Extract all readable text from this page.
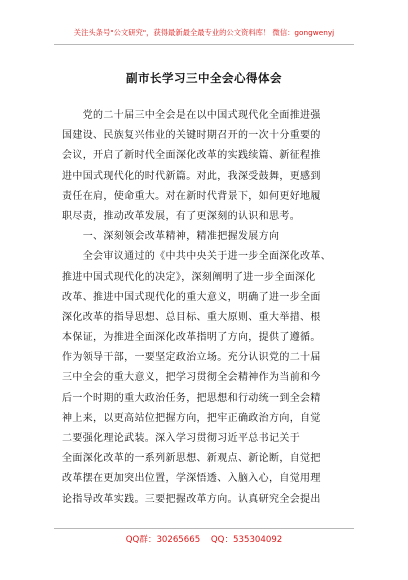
关注头条号"公文研究"，获得最新最全最专业的公文资料库！ 微信：gongwenyj
副市长学习三中全会心得体会
　　党的二十届三中全会是在以中国式现代化全面推进强
国建设、民族复兴伟业的关键时期召开的一次十分重要的
会议，开启了新时代全面深化改革的实践续篇、新征程推
进中国式现代化的时代新篇。对此，我深受鼓舞，更感到
责任在肩，使命重大。对在新时代背景下，如何更好地履
职尽责，推动改革发展，有了更深刻的认识和思考。
　　一、深刻领会改革精神，精准把握发展方向
　　全会审议通过的《中共中央关于进一步全面深化改革、
推进中国式现代化的决定》，深刻阐明了进一步全面深化
改革、推进中国式现代化的重大意义，明确了进一步全面
深化改革的指导思想、总目标、重大原则、重大举措、根
本保证，为推进全面深化改革指明了方向，提供了遵循。
作为领导干部，一要坚定政治立场。充分认识党的二十届
三中全会的重大意义，把学习贯彻全会精神作为当前和今
后一个时期的重大政治任务，把思想和行动统一到全会精
神上来，以更高站位把握方向，把牢正确政治方向，自觉
二要强化理论武装。深入学习贯彻习近平总书记关于
全面深化改革的一系列新思想、新观点、新论断，自觉把
改革摆在更加突出位置，学深悟透、入脑入心，自觉用理
论指导改革实践。三要把握改革方向。认真研究全会提出
QQ群：30265665 QQ：535304092
